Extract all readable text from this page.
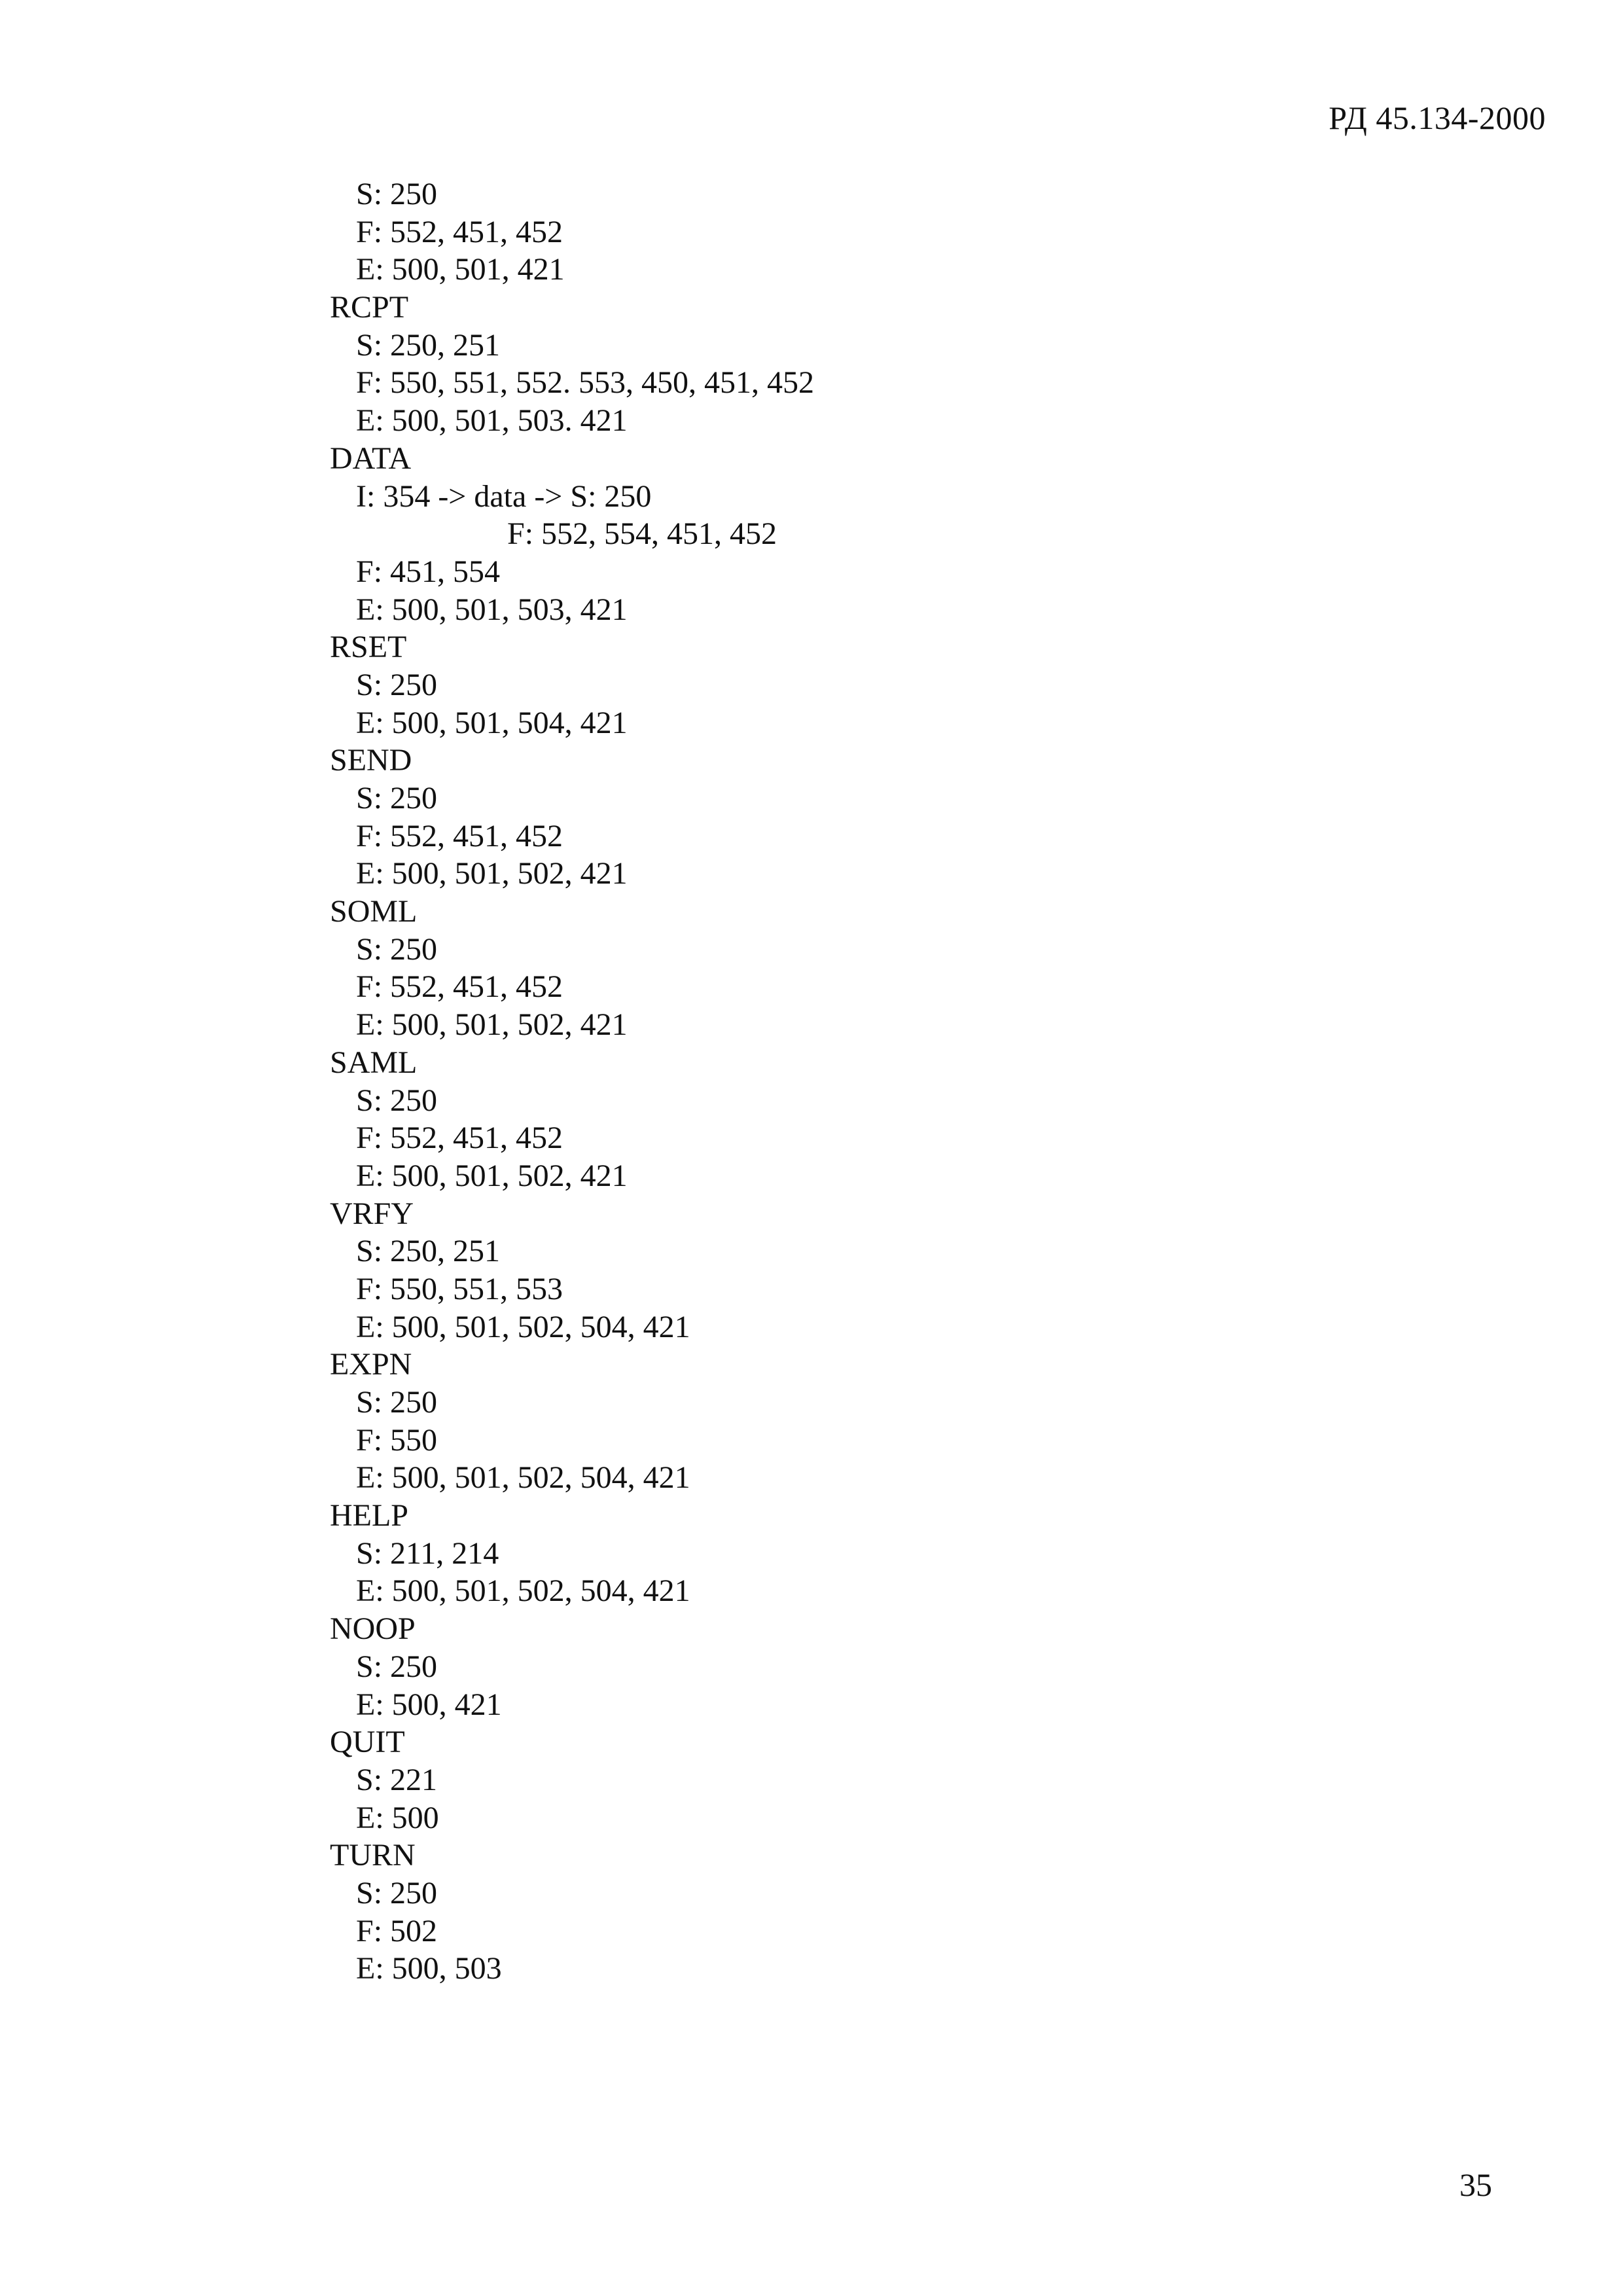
РД 45.134-2000
S: 250
F: 552, 451, 452
E: 500, 501, 421
RCPT
S: 250, 251
F: 550, 551, 552. 553, 450, 451, 452
E: 500, 501, 503. 421
DATA
I: 354 -> data -> S: 250
F: 552, 554, 451, 452
F: 451, 554
E: 500, 501, 503, 421
RSET
S: 250
E: 500, 501, 504, 421
SEND
S: 250
F: 552, 451, 452
E: 500, 501, 502, 421
SOML
S: 250
F: 552, 451, 452
E: 500, 501, 502, 421
SAML
S: 250
F: 552, 451, 452
E: 500, 501, 502, 421
VRFY
S: 250, 251
F: 550, 551, 553
E: 500, 501, 502, 504, 421
EXPN
S: 250
F: 550
E: 500, 501, 502, 504, 421
HELP
S: 211, 214
E: 500, 501, 502, 504, 421
NOOP
S: 250
E: 500, 421
QUIT
S: 221
E: 500
TURN
S: 250
F: 502
E: 500, 503
35
